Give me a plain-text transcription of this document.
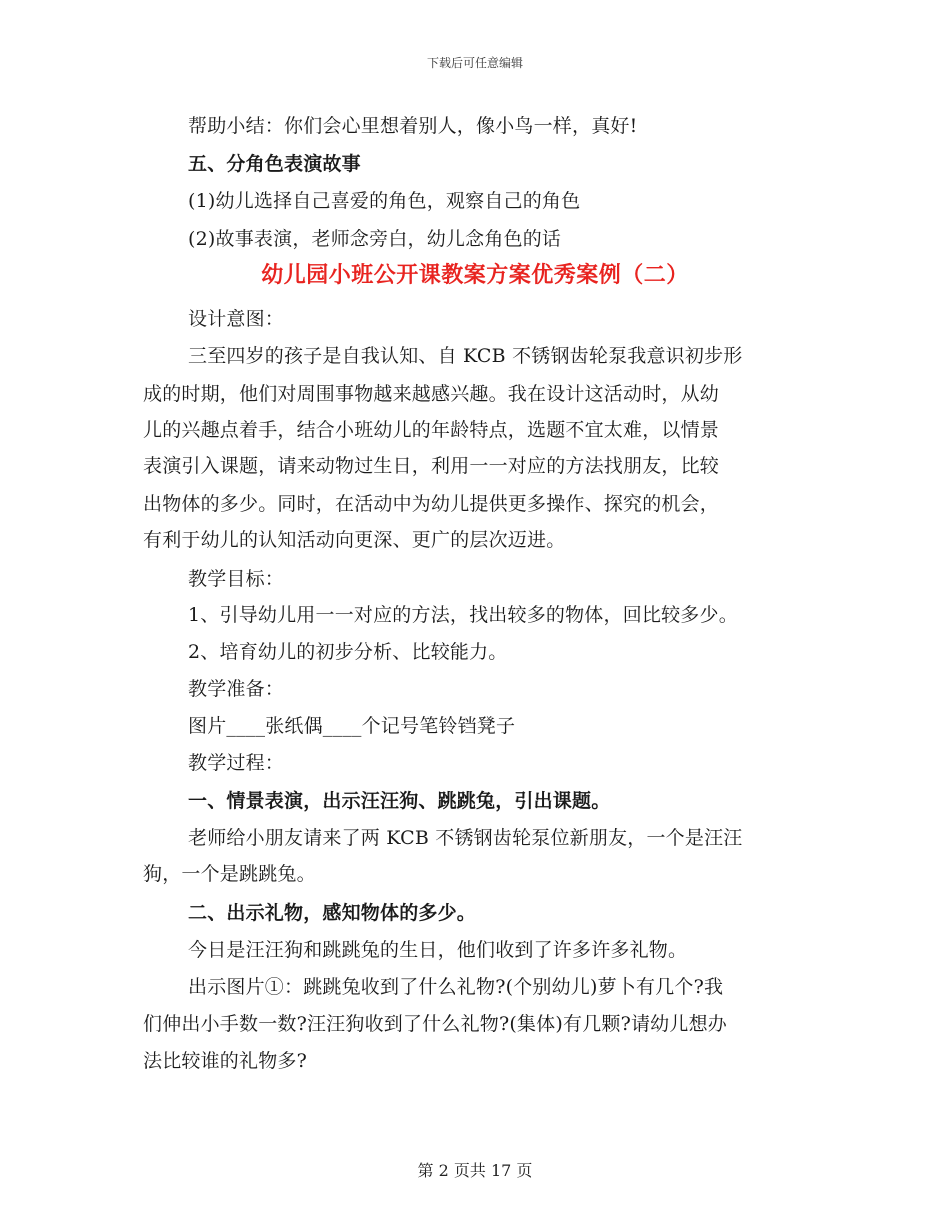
下载后可任意编辑
帮助小结：你们会心里想着别人，像小鸟一样，真好!
五、分角色表演故事
(1)幼儿选择自己喜爱的角色，观察自己的角色
(2)故事表演，老师念旁白，幼儿念角色的话
幼儿园小班公开课教案方案优秀案例（二）
设计意图：
三至四岁的孩子是自我认知、自 KCB 不锈钢齿轮泵我意识初步形
成的时期，他们对周围事物越来越感兴趣。我在设计这活动时，从幼
儿的兴趣点着手，结合小班幼儿的年龄特点，选题不宜太难，以情景
表演引入课题，请来动物过生日，利用一一对应的方法找朋友，比较
出物体的多少。同时，在活动中为幼儿提供更多操作、探究的机会，
有利于幼儿的认知活动向更深、更广的层次迈进。
教学目标：
1、引导幼儿用一一对应的方法，找出较多的物体，回比较多少。
2、培育幼儿的初步分析、比较能力。
教学准备：
图片____张纸偶____个记号笔铃铛凳子
教学过程：
一、情景表演，出示汪汪狗、跳跳兔，引出课题。
老师给小朋友请来了两 KCB 不锈钢齿轮泵位新朋友，一个是汪汪
狗，一个是跳跳兔。
二、出示礼物，感知物体的多少。
今日是汪汪狗和跳跳兔的生日，他们收到了许多许多礼物。
出示图片①：跳跳兔收到了什么礼物?(个别幼儿)萝卜有几个?我
们伸出小手数一数?汪汪狗收到了什么礼物?(集体)有几颗?请幼儿想办
法比较谁的礼物多?
第 2 页共 17 页
